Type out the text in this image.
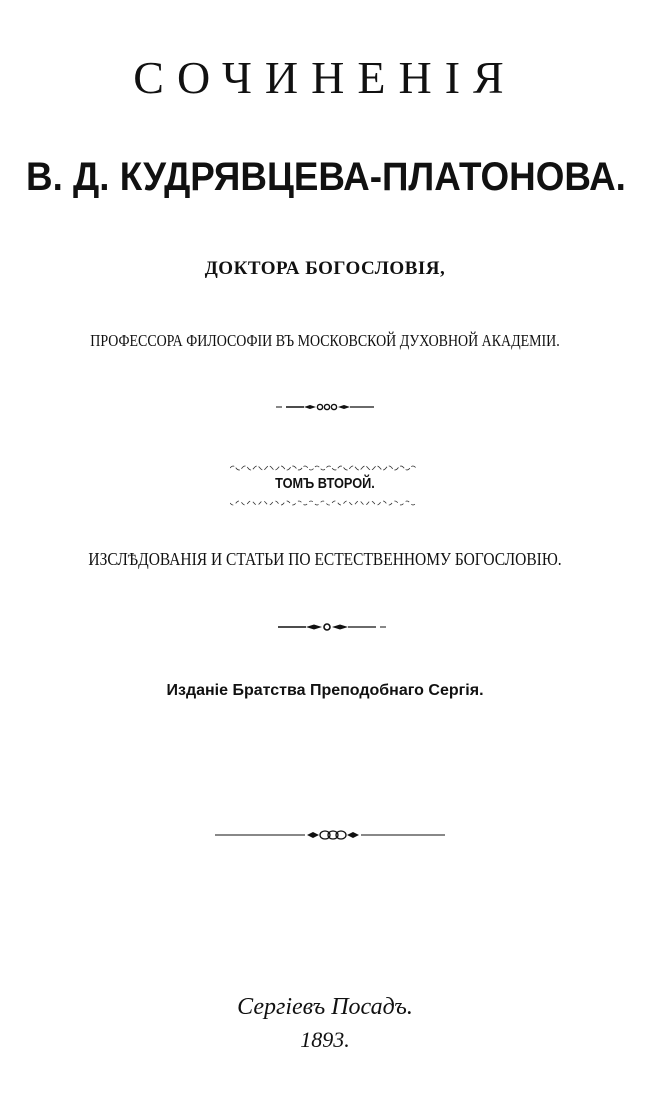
СОЧИНЕНІЯ
В. Д. КУДРЯВЦЕВА-ПЛАТОНОВА.
ДОКТОРА БОГОСЛОВІЯ,
ПРОФЕССОРА ФИЛОСОФІИ ВЪ МОСКОВСКОЙ ДУХОВНОЙ АКАДЕМІИ.
ТОМЪ ВТОРОЙ.
ИЗСЛѢДОВАНІЯ И СТАТЬИ ПО ЕСТЕСТВЕННОМУ БОГОСЛОВІЮ.
Изданіе Братства Преподобнаго Сергія.
Сергіевъ Посадъ.
1893.
